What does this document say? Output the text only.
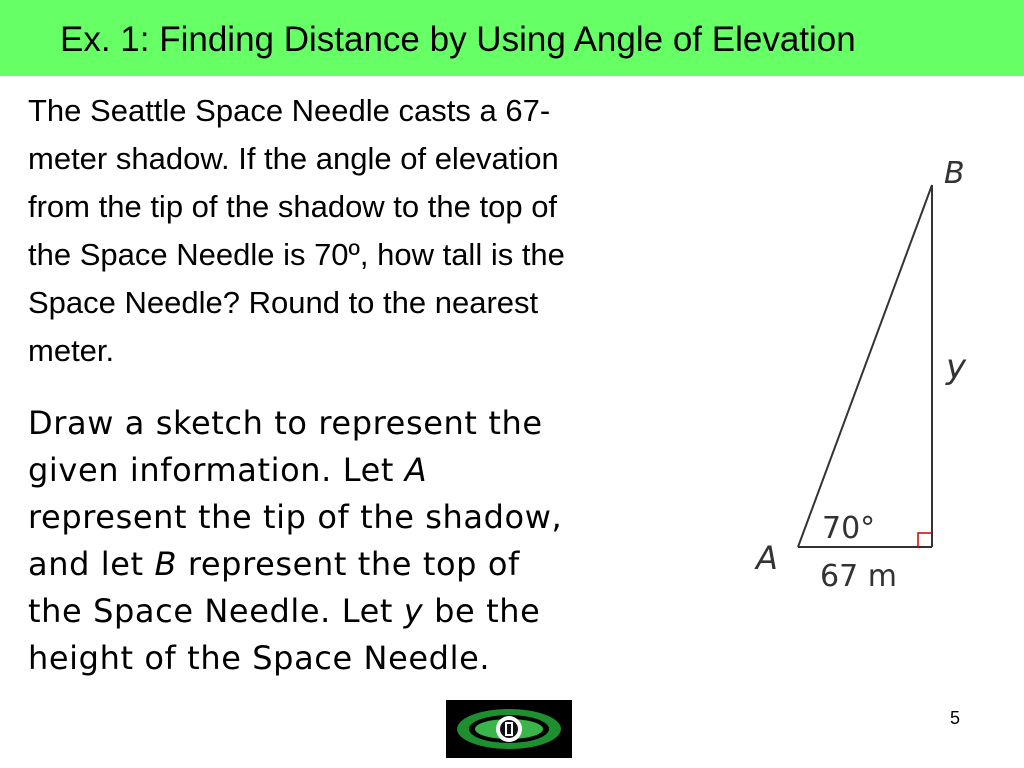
Ex. 1: Finding Distance by Using Angle of Elevation
The Seattle Space Needle casts a 67-
meter shadow. If the angle of elevation
from the tip of the shadow to the top of
the Space Needle is 70º, how tall is the
Space Needle? Round to the nearest
meter.
Draw a sketch to represent the
given information. Let A
represent the tip of the shadow,
and let B represent the top of
the Space Needle. Let y be the
height of the Space Needle.
B
y
70°
A 67 m
5
